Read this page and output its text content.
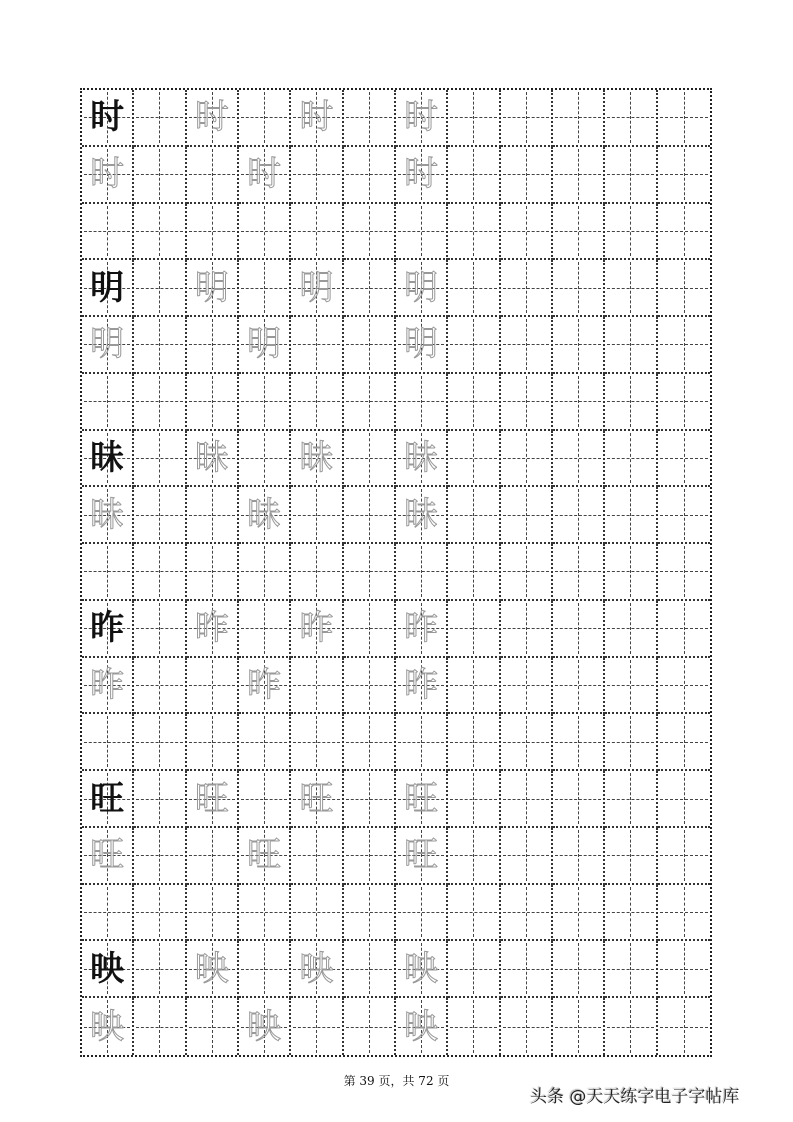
时 时 时 时
时	时	时
明 明 明 明
明	明	明
昧 昧 昧 昧
昧	昧	昧
昨 昨 昨 昨
昨	昨	昨
旺 旺 旺 旺
旺	旺	旺
映 映 映 映
映	映	映
第 39 页，共 72 页
头条 @天天练字电子字帖库
